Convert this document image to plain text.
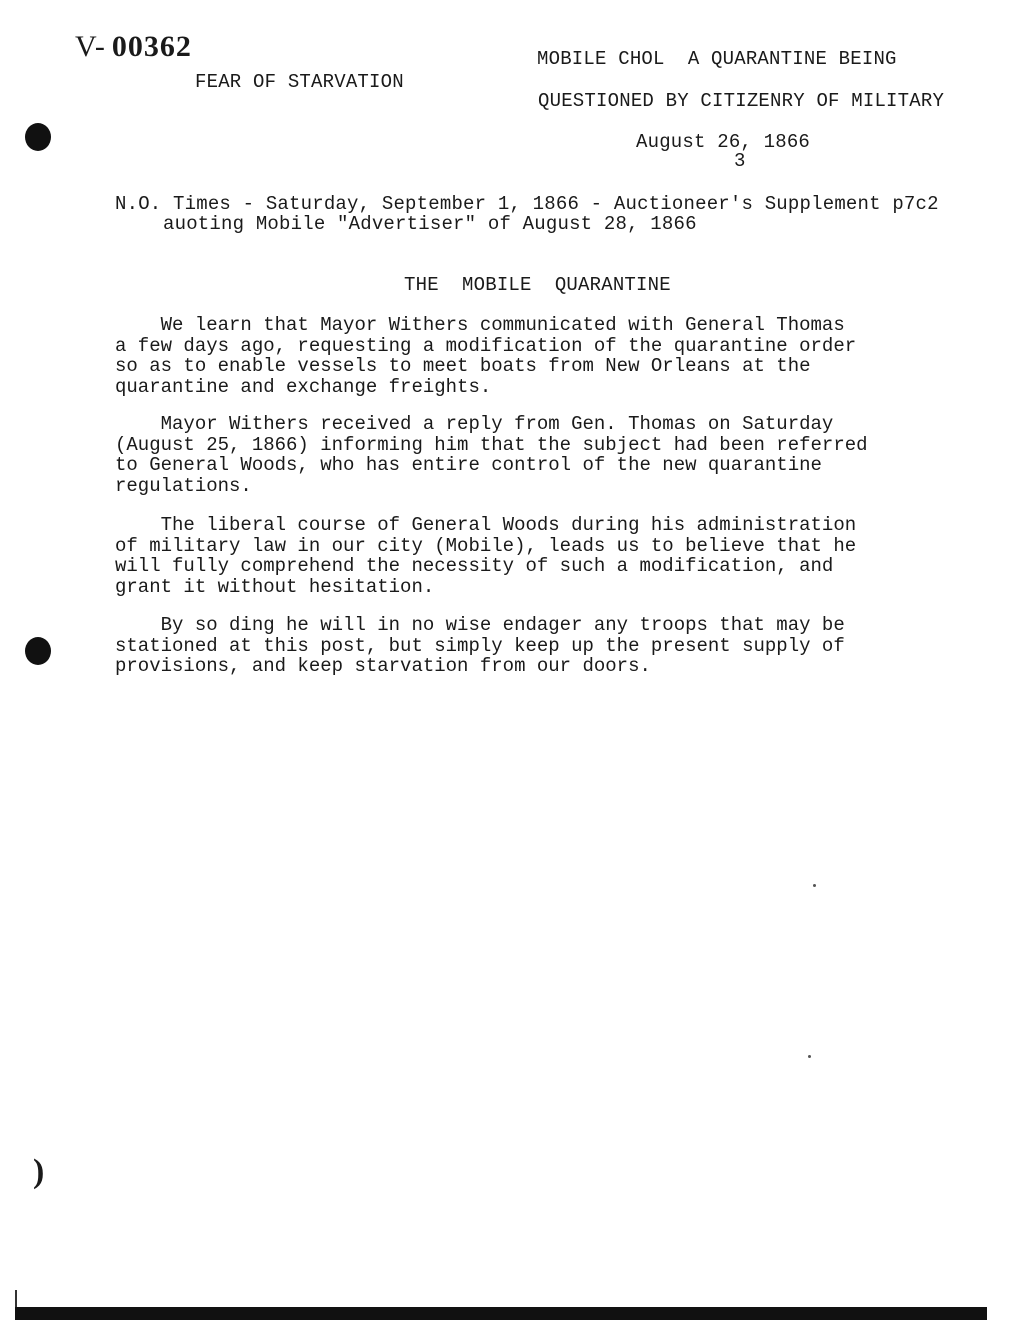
V- 00362
FEAR OF STARVATION
MOBILE CHOL  A QUARANTINE BEING
QUESTIONED BY CITIZENRY OF MILITARY
August 26, 1866
3
N.O. Times - Saturday, September 1, 1866 - Auctioneer's Supplement p7c2
auoting Mobile "Advertiser" of August 28, 1866
THE  MOBILE  QUARANTINE
We learn that Mayor Withers communicated with General Thomas
a few days ago, requesting a modification of the quarantine order
so as to enable vessels to meet boats from New Orleans at the
quarantine and exchange freights.
Mayor Withers received a reply from Gen. Thomas on Saturday
(August 25, 1866) informing him that the subject had been referred
to General Woods, who has entire control of the new quarantine
regulations.
The liberal course of General Woods during his administration
of military law in our city (Mobile), leads us to believe that he
will fully comprehend the necessity of such a modification, and
grant it without hesitation.
By so ding he will in no wise endager any troops that may be
stationed at this post, but simply keep up the present supply of
provisions, and keep starvation from our doors.
)
